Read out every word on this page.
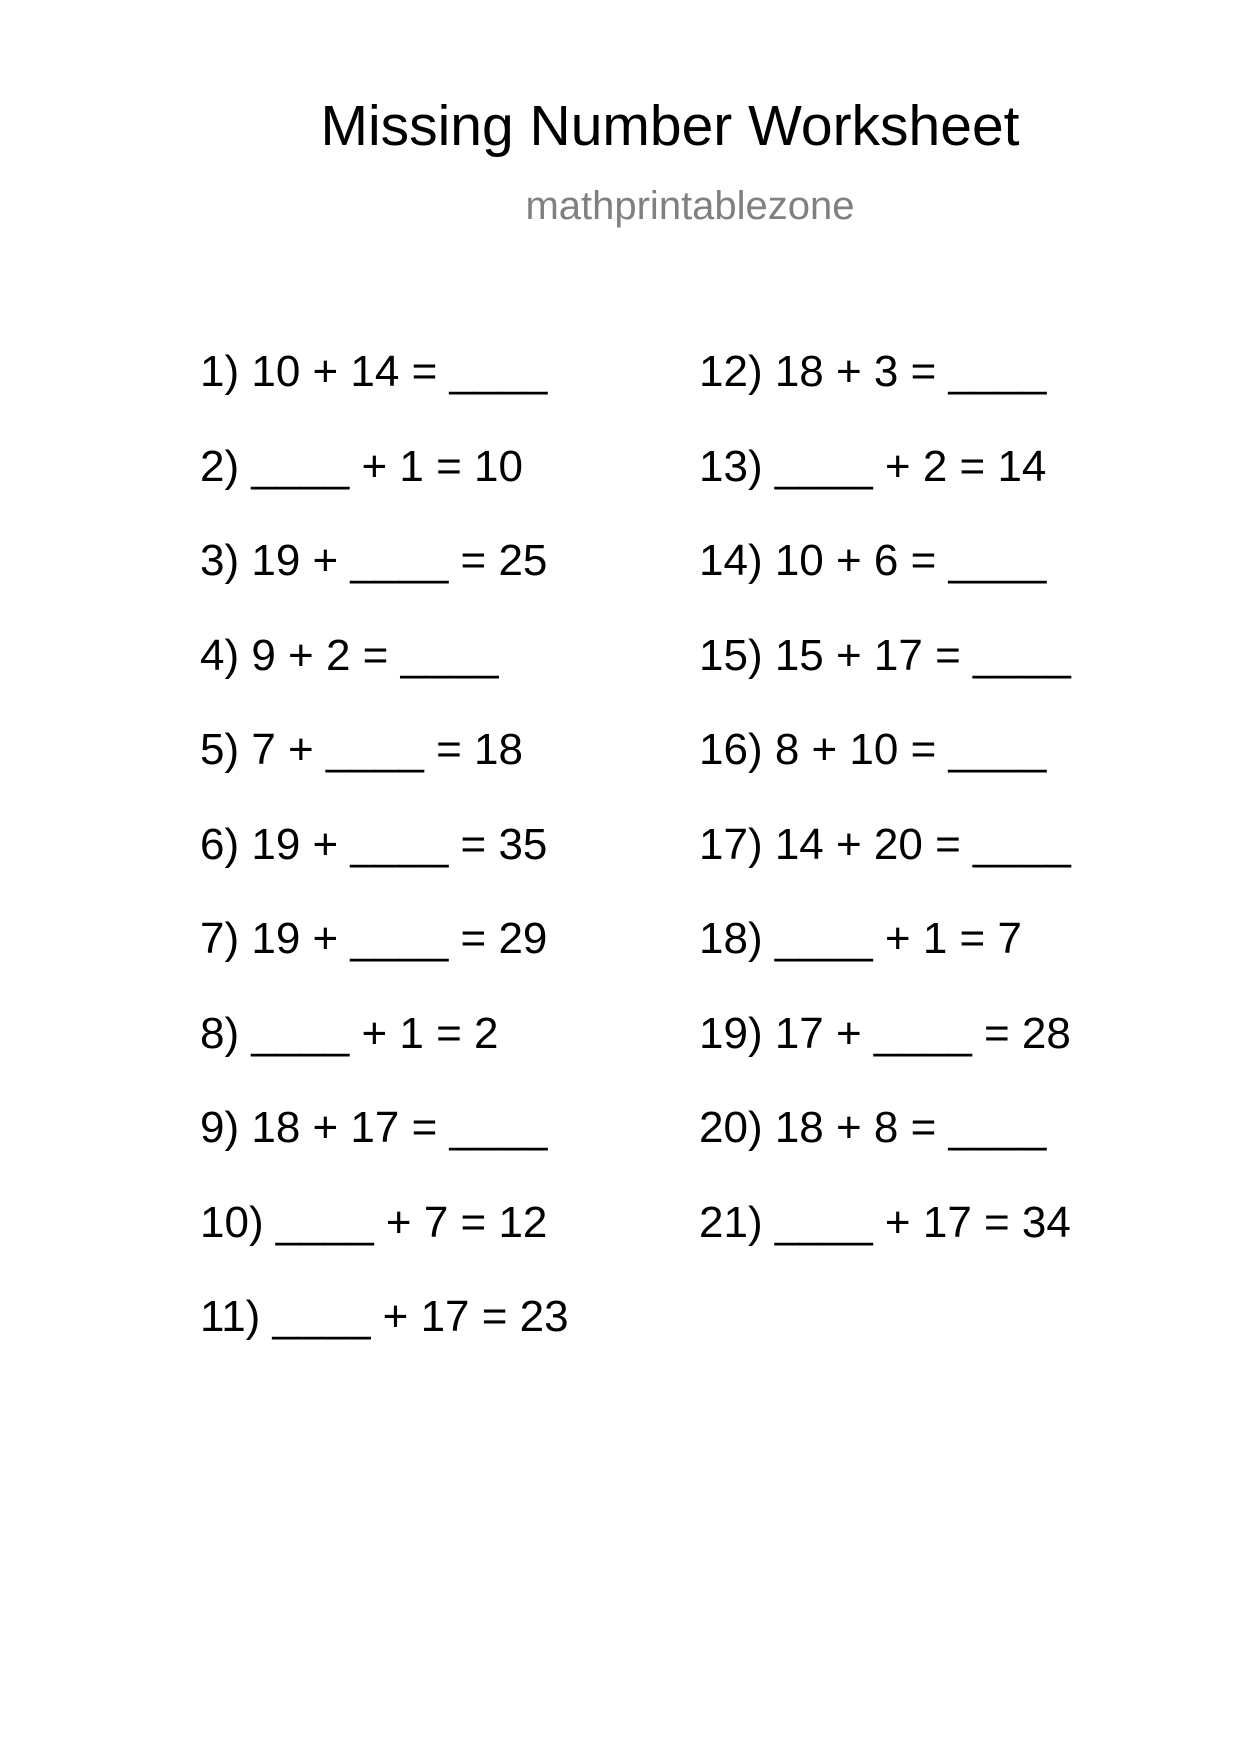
Missing Number Worksheet
mathprintablezone
1) 10 + 14 = ____
2) ____ + 1 = 10
3) 19 + ____ = 25
4) 9 + 2 = ____
5) 7 + ____ = 18
6) 19 + ____ = 35
7) 19 + ____ = 29
8) ____ + 1 = 2
9) 18 + 17 = ____
10) ____ + 7 = 12
11) ____ + 17 = 23
12) 18 + 3 = ____
13) ____ + 2 = 14
14) 10 + 6 = ____
15) 15 + 17 = ____
16) 8 + 10 = ____
17) 14 + 20 = ____
18) ____ + 1 = 7
19) 17 + ____ = 28
20) 18 + 8 = ____
21) ____ + 17 = 34
